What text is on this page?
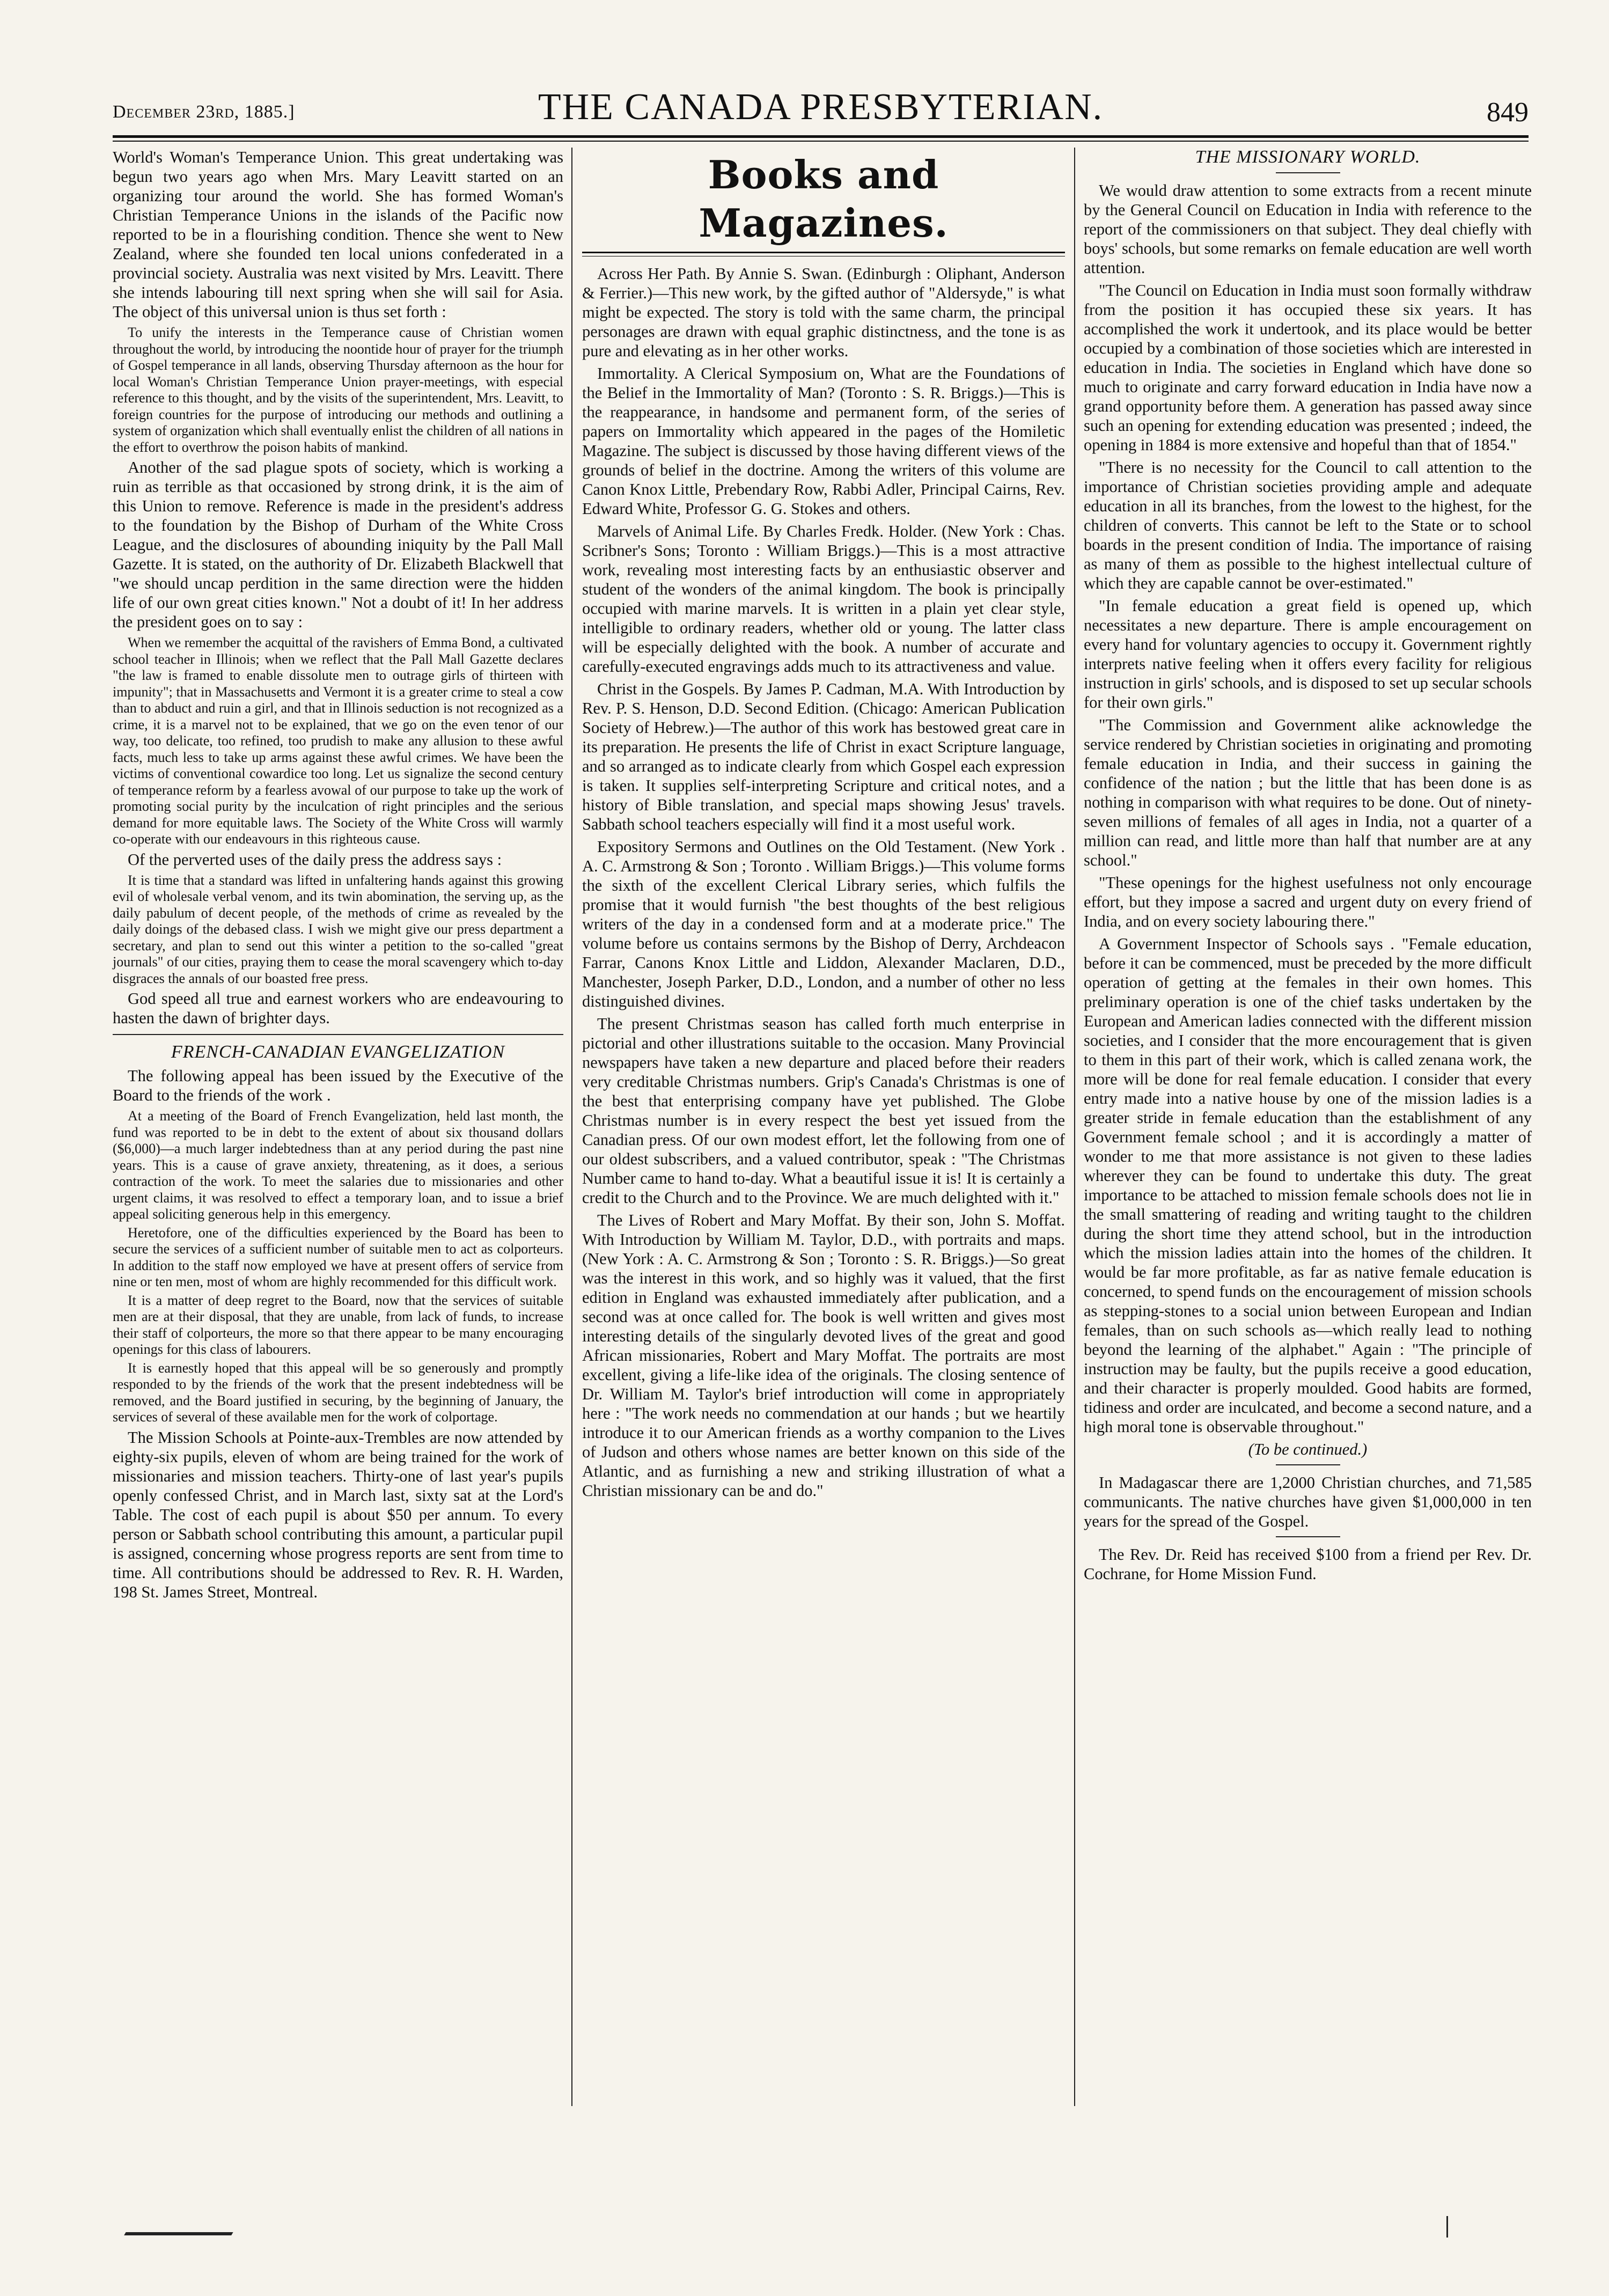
December 23rd, 1885.]	THE CANADA PRESBYTERIAN.	849

World's Woman's Temperance Union. This great undertaking was begun two years ago when Mrs. Mary Leavitt started on an organizing tour around the world. She has formed Woman's Christian Temperance Unions in the islands of the Pacific now reported to be in a flourishing condition. Thence she went to New Zealand, where she founded ten local unions confederated in a provincial society. Australia was next visited by Mrs. Leavitt. There she intends labouring till next spring when she will sail for Asia. The object of this universal union is thus set forth :

To unify the interests in the Temperance cause of Christian women throughout the world, by introducing the noontide hour of prayer for the triumph of Gospel temperance in all lands, observing Thursday afternoon as the hour for local Woman's Christian Temperance Union prayer-meetings, with especial reference to this thought, and by the visits of the superintendent, Mrs. Leavitt, to foreign countries for the purpose of introducing our methods and outlining a system of organization which shall eventually enlist the children of all nations in the effort to overthrow the poison habits of mankind.

Another of the sad plague spots of society, which is working a ruin as terrible as that occasioned by strong drink, it is the aim of this Union to remove. Reference is made in the president's address to the foundation by the Bishop of Durham of the White Cross League, and the disclosures of abounding iniquity by the Pall Mall Gazette. It is stated, on the authority of Dr. Elizabeth Blackwell that "we should uncap perdition in the same direction were the hidden life of our own great cities known." Not a doubt of it! In her address the president goes on to say :

When we remember the acquittal of the ravishers of Emma Bond, a cultivated school teacher in Illinois; when we reflect that the Pall Mall Gazette declares "the law is framed to enable dissolute men to outrage girls of thirteen with impunity"; that in Massachusetts and Vermont it is a greater crime to steal a cow than to abduct and ruin a girl, and that in Illinois seduction is not recognized as a crime, it is a marvel not to be explained, that we go on the even tenor of our way, too delicate, too refined, too prudish to make any allusion to these awful facts, much less to take up arms against these awful crimes. We have been the victims of conventional cowardice too long. Let us signalize the second century of temperance reform by a fearless avowal of our purpose to take up the work of promoting social purity by the inculcation of right principles and the serious demand for more equitable laws. The Society of the White Cross will warmly co-operate with our endeavours in this righteous cause.

Of the perverted uses of the daily press the address says :

It is time that a standard was lifted in unfaltering hands against this growing evil of wholesale verbal venom, and its twin abomination, the serving up, as the daily pabulum of decent people, of the methods of crime as revealed by the daily doings of the debased class. I wish we might give our press department a secretary, and plan to send out this winter a petition to the so-called "great journals" of our cities, praying them to cease the moral scavengery which to-day disgraces the annals of our boasted free press.

God speed all true and earnest workers who are endeavouring to hasten the dawn of brighter days.

FRENCH-CANADIAN EVANGELIZATION

The following appeal has been issued by the Executive of the Board to the friends of the work .

At a meeting of the Board of French Evangelization, held last month, the fund was reported to be in debt to the extent of about six thousand dollars ($6,000)—a much larger indebtedness than at any period during the past nine years. This is a cause of grave anxiety, threatening, as it does, a serious contraction of the work. To meet the salaries due to missionaries and other urgent claims, it was resolved to effect a temporary loan, and to issue a brief appeal soliciting generous help in this emergency.

Heretofore, one of the difficulties experienced by the Board has been to secure the services of a sufficient number of suitable men to act as colporteurs. In addition to the staff now employed we have at present offers of service from nine or ten men, most of whom are highly recommended for this difficult work.

It is a matter of deep regret to the Board, now that the services of suitable men are at their disposal, that they are unable, from lack of funds, to increase their staff of colporteurs, the more so that there appear to be many encouraging openings for this class of labourers.

It is earnestly hoped that this appeal will be so generously and promptly responded to by the friends of the work that the present indebtedness will be removed, and the Board justified in securing, by the beginning of January, the services of several of these available men for the work of colportage.

The Mission Schools at Pointe-aux-Trembles are now attended by eighty-six pupils, eleven of whom are being trained for the work of missionaries and mission teachers. Thirty-one of last year's pupils openly confessed Christ, and in March last, sixty sat at the Lord's Table. The cost of each pupil is about $50 per annum. To every person or Sabbath school contributing this amount, a particular pupil is assigned, concerning whose progress reports are sent from time to time. All contributions should be addressed to Rev. R. H. Warden, 198 St. James Street, Montreal.

Books and Magazines.

Across Her Path. By Annie S. Swan. (Edinburgh : Oliphant, Anderson & Ferrier.)—This new work, by the gifted author of "Aldersyde," is what might be expected. The story is told with the same charm, the principal personages are drawn with equal graphic distinctness, and the tone is as pure and elevating as in her other works.

Immortality. A Clerical Symposium on, What are the Foundations of the Belief in the Immortality of Man? (Toronto : S. R. Briggs.)—This is the reappearance, in handsome and permanent form, of the series of papers on Immortality which appeared in the pages of the Homiletic Magazine. The subject is discussed by those having different views of the grounds of belief in the doctrine. Among the writers of this volume are Canon Knox Little, Prebendary Row, Rabbi Adler, Principal Cairns, Rev. Edward White, Professor G. G. Stokes and others.

Marvels of Animal Life. By Charles Fredk. Holder. (New York : Chas. Scribner's Sons; Toronto : William Briggs.)—This is a most attractive work, revealing most interesting facts by an enthusiastic observer and student of the wonders of the animal kingdom. The book is principally occupied with marine marvels. It is written in a plain yet clear style, intelligible to ordinary readers, whether old or young. The latter class will be especially delighted with the book. A number of accurate and carefully-executed engravings adds much to its attractiveness and value.

Christ in the Gospels. By James P. Cadman, M.A. With Introduction by Rev. P. S. Henson, D.D. Second Edition. (Chicago: American Publication Society of Hebrew.)—The author of this work has bestowed great care in its preparation. He presents the life of Christ in exact Scripture language, and so arranged as to indicate clearly from which Gospel each expression is taken. It supplies self-interpreting Scripture and critical notes, and a history of Bible translation, and special maps showing Jesus' travels. Sabbath school teachers especially will find it a most useful work.

Expository Sermons and Outlines on the Old Testament. (New York . A. C. Armstrong & Son ; Toronto . William Briggs.)—This volume forms the sixth of the excellent Clerical Library series, which fulfils the promise that it would furnish "the best thoughts of the best religious writers of the day in a condensed form and at a moderate price." The volume before us contains sermons by the Bishop of Derry, Archdeacon Farrar, Canons Knox Little and Liddon, Alexander Maclaren, D.D., Manchester, Joseph Parker, D.D., London, and a number of other no less distinguished divines.

The present Christmas season has called forth much enterprise in pictorial and other illustrations suitable to the occasion. Many Provincial newspapers have taken a new departure and placed before their readers very creditable Christmas numbers. Grip's Canada's Christmas is one of the best that enterprising company have yet published. The Globe Christmas number is in every respect the best yet issued from the Canadian press. Of our own modest effort, let the following from one of our oldest subscribers, and a valued contributor, speak : "The Christmas Number came to hand to-day. What a beautiful issue it is! It is certainly a credit to the Church and to the Province. We are much delighted with it."

The Lives of Robert and Mary Moffat. By their son, John S. Moffat. With Introduction by William M. Taylor, D.D., with portraits and maps. (New York : A. C. Armstrong & Son ; Toronto : S. R. Briggs.)—So great was the interest in this work, and so highly was it valued, that the first edition in England was exhausted immediately after publication, and a second was at once called for. The book is well written and gives most interesting details of the singularly devoted lives of the great and good African missionaries, Robert and Mary Moffat. The portraits are most excellent, giving a life-like idea of the originals. The closing sentence of Dr. William M. Taylor's brief introduction will come in appropriately here : "The work needs no commendation at our hands ; but we heartily introduce it to our American friends as a worthy companion to the Lives of Judson and others whose names are better known on this side of the Atlantic, and as furnishing a new and striking illustration of what a Christian missionary can be and do."

THE MISSIONARY WORLD.

We would draw attention to some extracts from a recent minute by the General Council on Education in India with reference to the report of the commissioners on that subject. They deal chiefly with boys' schools, but some remarks on female education are well worth attention.

"The Council on Education in India must soon formally withdraw from the position it has occupied these six years. It has accomplished the work it undertook, and its place would be better occupied by a combination of those societies which are interested in education in India. The societies in England which have done so much to originate and carry forward education in India have now a grand opportunity before them. A generation has passed away since such an opening for extending education was presented ; indeed, the opening in 1884 is more extensive and hopeful than that of 1854."

"There is no necessity for the Council to call attention to the importance of Christian societies providing ample and adequate education in all its branches, from the lowest to the highest, for the children of converts. This cannot be left to the State or to school boards in the present condition of India. The importance of raising as many of them as possible to the highest intellectual culture of which they are capable cannot be over-estimated."

"In female education a great field is opened up, which necessitates a new departure. There is ample encouragement on every hand for voluntary agencies to occupy it. Government rightly interprets native feeling when it offers every facility for religious instruction in girls' schools, and is disposed to set up secular schools for their own girls."

"The Commission and Government alike acknowledge the service rendered by Christian societies in originating and promoting female education in India, and their success in gaining the confidence of the nation ; but the little that has been done is as nothing in comparison with what requires to be done. Out of ninety-seven millions of females of all ages in India, not a quarter of a million can read, and little more than half that number are at any school."

"These openings for the highest usefulness not only encourage effort, but they impose a sacred and urgent duty on every friend of India, and on every society labouring there."

A Government Inspector of Schools says . "Female education, before it can be commenced, must be preceded by the more difficult operation of getting at the females in their own homes. This preliminary operation is one of the chief tasks undertaken by the European and American ladies connected with the different mission societies, and I consider that the more encouragement that is given to them in this part of their work, which is called zenana work, the more will be done for real female education. I consider that every entry made into a native house by one of the mission ladies is a greater stride in female education than the establishment of any Government female school ; and it is accordingly a matter of wonder to me that more assistance is not given to these ladies wherever they can be found to undertake this duty. The great importance to be attached to mission female schools does not lie in the small smattering of reading and writing taught to the children during the short time they attend school, but in the introduction which the mission ladies attain into the homes of the children. It would be far more profitable, as far as native female education is concerned, to spend funds on the encouragement of mission schools as stepping-stones to a social union between European and Indian females, than on such schools as—which really lead to nothing beyond the learning of the alphabet." Again : "The principle of instruction may be faulty, but the pupils receive a good education, and their character is properly moulded. Good habits are formed, tidiness and order are inculcated, and become a second nature, and a high moral tone is observable throughout."

(To be continued.)

In Madagascar there are 1,2000 Christian churches, and 71,585 communicants. The native churches have given $1,000,000 in ten years for the spread of the Gospel.

The Rev. Dr. Reid has received $100 from a friend per Rev. Dr. Cochrane, for Home Mission Fund.
